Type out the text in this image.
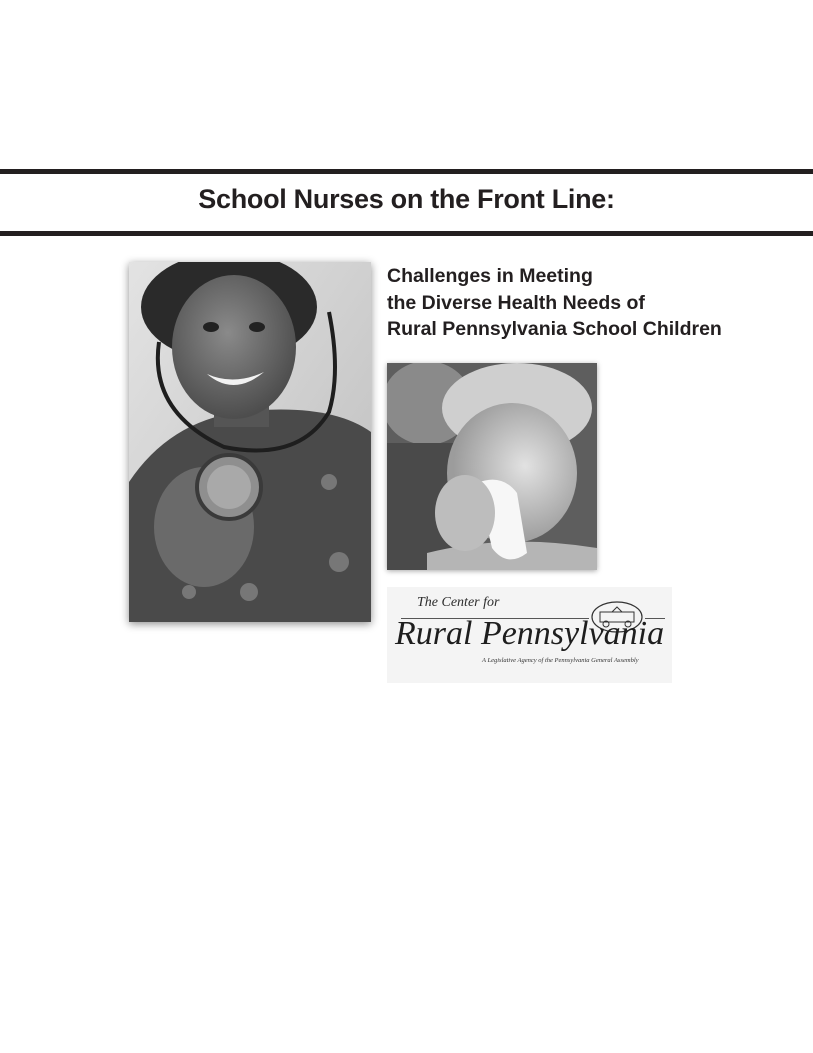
School Nurses on the Front Line:
Challenges in Meeting
the Diverse Health Needs of
Rural Pennsylvania School Children
The Center for
Rural Pennsylvania
A Legislative Agency of the Pennsylvania General Assembly
